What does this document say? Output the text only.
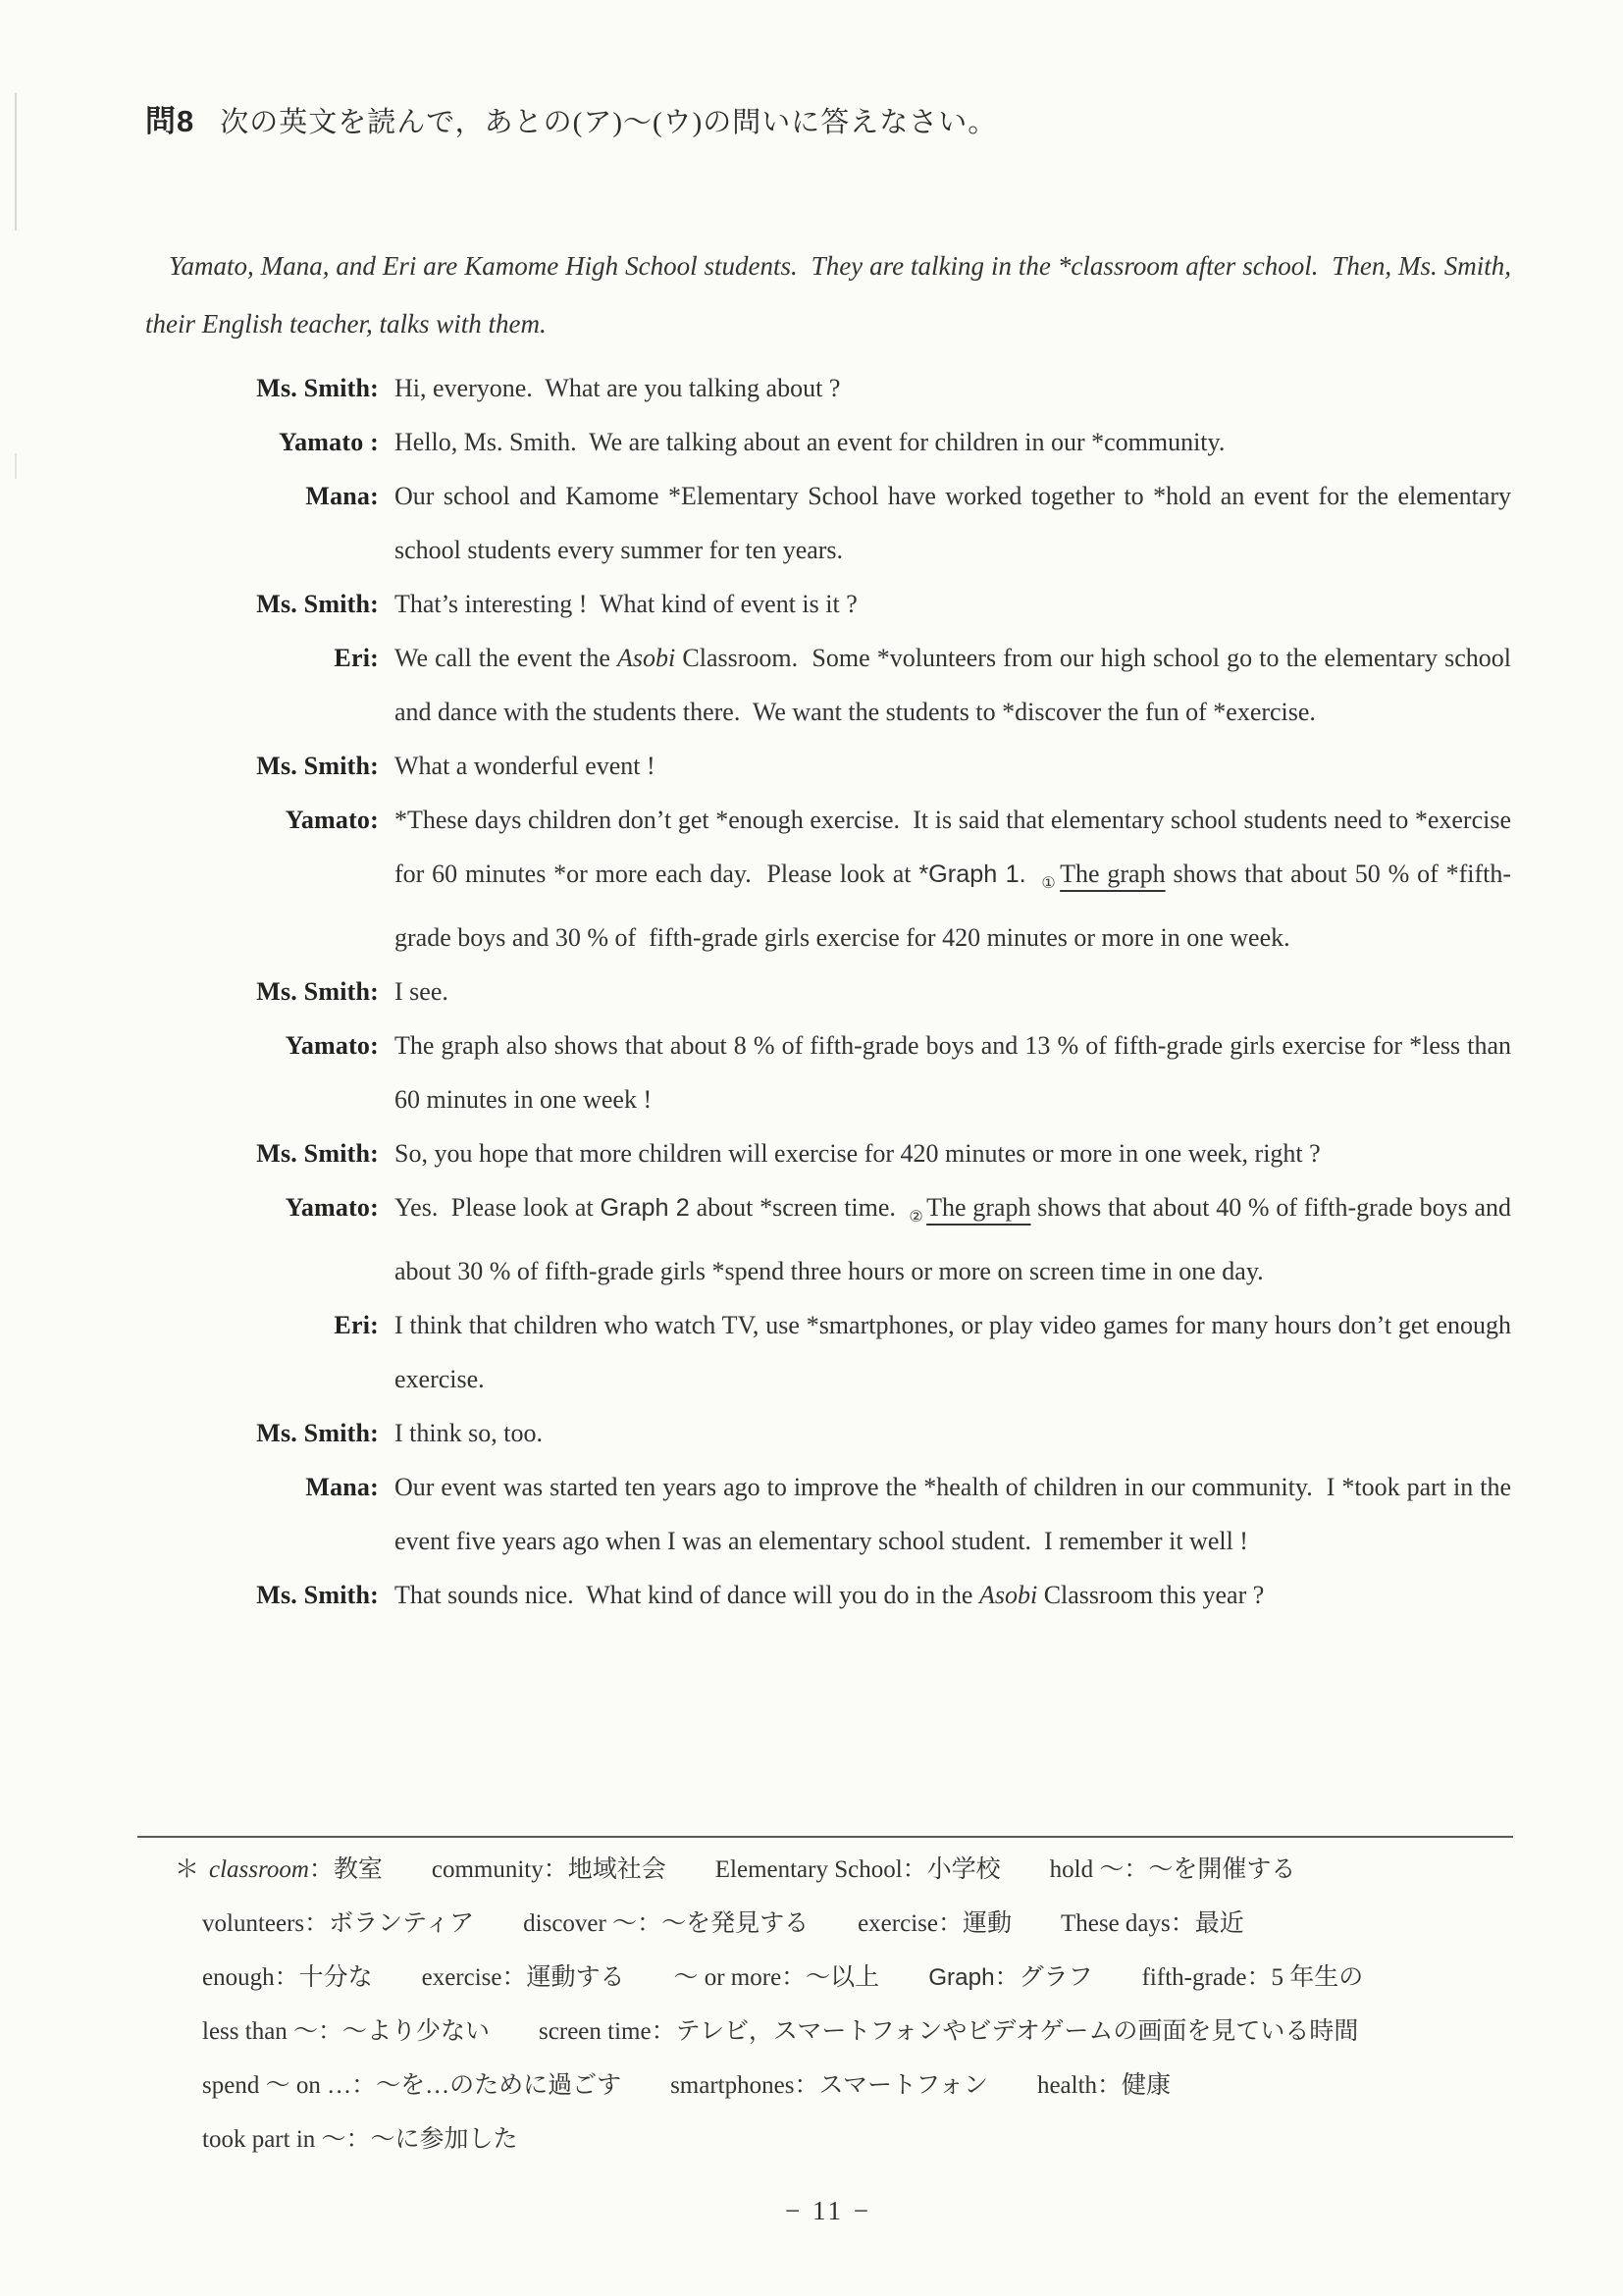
問8 次の英文を読んで，あとの(ア)～(ウ)の問いに答えなさい。
Yamato, Mana, and Eri are Kamome High School students.  They are talking in the *classroom after school.  Then, Ms. Smith, their English teacher, talks with them.
Ms. Smith: Hi, everyone.  What are you talking about ?
Yamato : Hello, Ms. Smith.  We are talking about an event for children in our *community.
Mana: Our school and Kamome *Elementary School have worked together to *hold an event for the elementary school students every summer for ten years.
Ms. Smith: That’s interesting !  What kind of event is it ?
Eri: We call the event the Asobi Classroom.  Some *volunteers from our high school go to the elementary school and dance with the students there.  We want the students to *discover the fun of *exercise.
Ms. Smith: What a wonderful event !
Yamato: *These days children don’t get *enough exercise.  It is said that elementary school students need to *exercise for 60 minutes *or more each day.  Please look at *Graph 1. $_①$ The graph shows that about 50 % of *fifth-grade boys and 30 % of  fifth-grade girls exercise for 420 minutes or more in one week.
Ms. Smith: I see.
Yamato: The graph also shows that about 8 % of fifth-grade boys and 13 % of fifth-grade girls exercise for *less than 60 minutes in one week !
Ms. Smith: So, you hope that more children will exercise for 420 minutes or more in one week, right ?
Yamato: Yes.  Please look at Graph 2 about *screen time.  $_②$ The graph shows that about 40 % of fifth-grade boys and about 30 % of fifth-grade girls *spend three hours or more on screen time in one day.
Eri: I think that children who watch TV, use *smartphones, or play video games for many hours don’t get enough exercise.
Ms. Smith: I think so, too.
Mana: Our event was started ten years ago to improve the *health of children in our community.  I *took part in the event five years ago when I was an elementary school student.  I remember it well !
Ms. Smith: That sounds nice.  What kind of dance will you do in the Asobi Classroom this year ?
＊ classroom：教室　　community：地域社会　　Elementary School：小学校　　hold ～：～を開催する
volunteers：ボランティア　　discover ～：～を発見する　　exercise：運動　　These days：最近
enough：十分な　　exercise：運動する　　～ or more：～以上　　Graph：グラフ　　fifth-grade：5 年生の
less than ～：～より少ない　　screen time：テレビ，スマートフォンやビデオゲームの画面を見ている時間
spend ～ on …：～を…のために過ごす　　smartphones：スマートフォン　　health：健康
took part in ～：～に参加した
− 11 −
